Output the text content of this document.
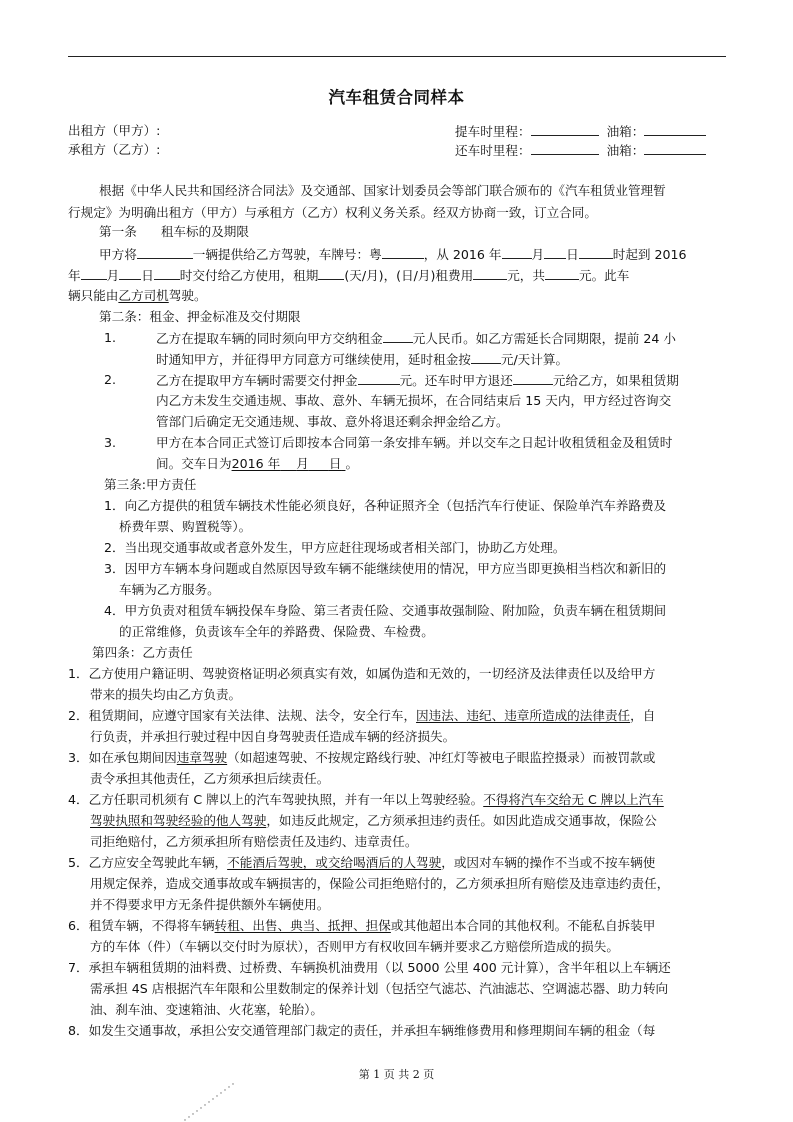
汽车租赁合同样本
出租方（甲方）:
承租方（乙方）:
提车时里程：	油箱：
还车时里程：	油箱：
根据《中华人民共和国经济合同法》及交通部、国家计划委员会等部门联合颁布的《汽车租赁业管理暂
行规定》为明确出租方（甲方）与承租方（乙方）权利义务关系。经双方协商一致，订立合同。
第一条 租车标的及期限
甲方将	一辆提供给乙方驾驶，车牌号：粤	，从 2016 年 月 日	时起到 2016
年 月 日 时交付给乙方使用，租期 (天/月)，(日/月)租费用	元，共	元。此车
辆只能由乙方司机驾驶。
第二条：租金、押金标准及交付期限
1.	乙方在提取车辆的同时须向甲方交纳租金 元人民币。如乙方需延长合同期限，提前 24 小
时通知甲方，并征得甲方同意方可继续使用，延时租金按 元/天计算。
2.	乙方在提取甲方车辆时需要交付押金	元。还车时甲方退还	元给乙方，如果租赁期
内乙方未发生交通违规、事故、意外、车辆无损坏，在合同结束后 15 天内，甲方经过咨询交
管部门后确定无交通违规、事故、意外将退还剩余押金给乙方。
3.	甲方在本合同正式签订后即按本合同第一条安排车辆。并以交车之日起计收租赁租金及租赁时
间。交车日为2016 年 月 日 。
第三条:甲方责任
1．向乙方提供的租赁车辆技术性能必须良好，各种证照齐全（包括汽车行使证、保险单汽车养路费及
桥费年票、购置税等）。
2．当出现交通事故或者意外发生，甲方应赶往现场或者相关部门，协助乙方处理。
3．因甲方车辆本身问题或自然原因导致车辆不能继续使用的情况，甲方应当即更换相当档次和新旧的
车辆为乙方服务。
4．甲方负责对租赁车辆投保车身险、第三者责任险、交通事故强制险、附加险，负责车辆在租赁期间
的正常维修，负责该车全年的养路费、保险费、车检费。
第四条：乙方责任
1．乙方使用户籍证明、驾驶资格证明必须真实有效，如属伪造和无效的，一切经济及法律责任以及给甲方
带来的损失均由乙方负责。
2．租赁期间，应遵守国家有关法律、法规、法令，安全行车，因违法、违纪、违章所造成的法律责任，自
行负责，并承担行驶过程中因自身驾驶责任造成车辆的经济损失。
3．如在承包期间因违章驾驶（如超速驾驶、不按规定路线行驶、冲红灯等被电子眼监控摄录）而被罚款或
责令承担其他责任，乙方须承担后续责任。
4．乙方任职司机须有 C 牌以上的汽车驾驶执照，并有一年以上驾驶经验。不得将汽车交给无 C 牌以上汽车
驾驶执照和驾驶经验的他人驾驶，如违反此规定，乙方须承担违约责任。如因此造成交通事故，保险公
司拒绝赔付，乙方须承担所有赔偿责任及违约、违章责任。
5．乙方应安全驾驶此车辆，不能酒后驾驶，或交给喝酒后的人驾驶，或因对车辆的操作不当或不按车辆使
用规定保养，造成交通事故或车辆损害的，保险公司拒绝赔付的，乙方须承担所有赔偿及违章违约责任，
并不得要求甲方无条件提供额外车辆使用。
6．租赁车辆，不得将车辆转租、出售、典当、抵押、担保或其他超出本合同的其他权利。不能私自拆装甲
方的车体（件）（车辆以交付时为原状），否则甲方有权收回车辆并要求乙方赔偿所造成的损失。
7．承担车辆租赁期的油料费、过桥费、车辆换机油费用（以 5000 公里 400 元计算），含半年租以上车辆还
需承担 4S 店根据汽车年限和公里数制定的保养计划（包括空气滤芯、汽油滤芯、空调滤芯器、助力转向
油、刹车油、变速箱油、火花塞，轮胎）。
8．如发生交通事故，承担公安交通管理部门裁定的责任，并承担车辆维修费用和修理期间车辆的租金（每
第 1 页 共 2 页
